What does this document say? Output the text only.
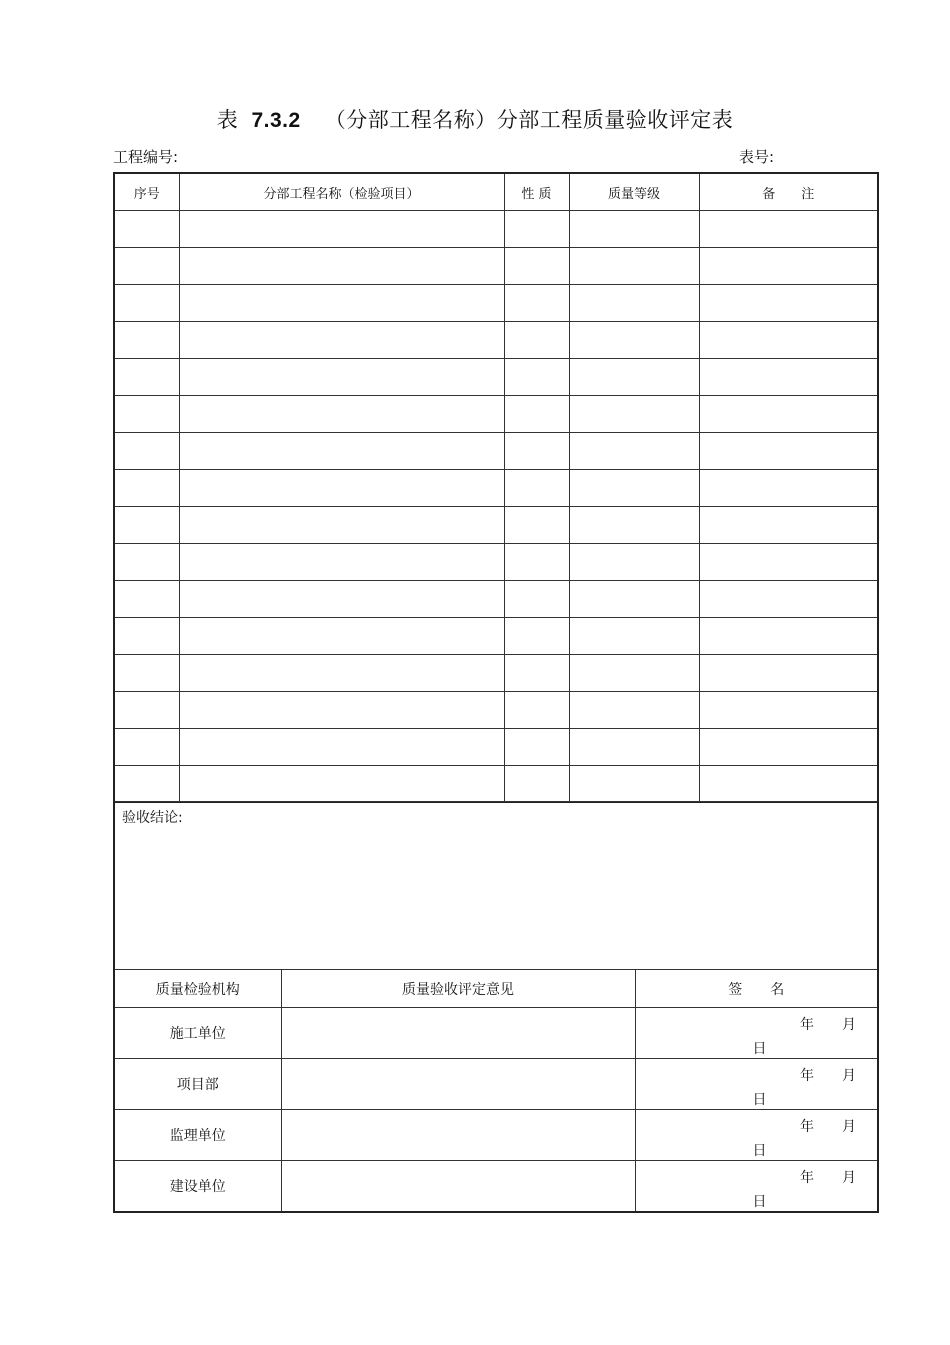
表 7.3.2 （分部工程名称）分部工程质量验收评定表
工程编号:	表号:
序号	分部工程名称（检验项目）	性 质	质量等级	备　　注

验收结论:		
质量检验机构	质量验收评定意见	签　　名
施工单位		年　　月
日

项目部		年　　月
日

监理单位		年　　月
日

建设单位		年　　月
日
